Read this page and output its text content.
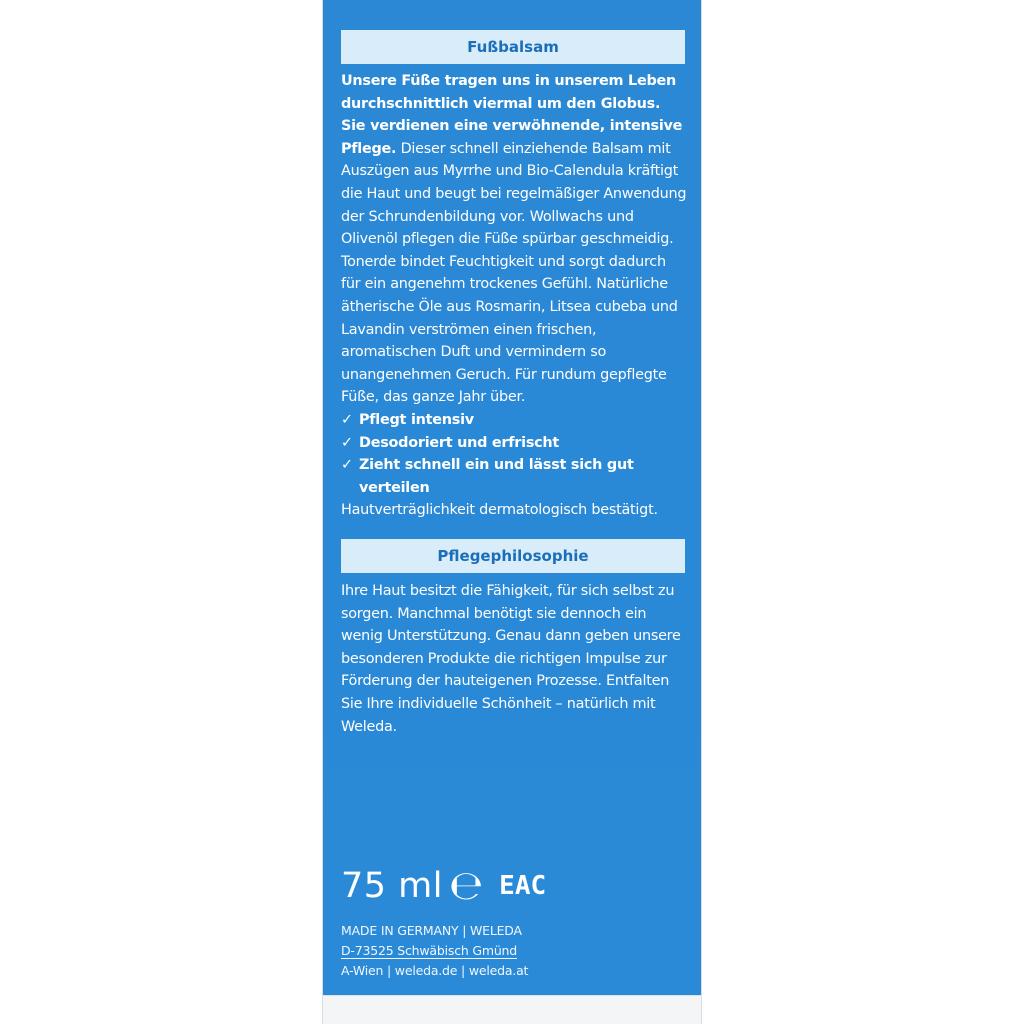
Fußbalsam
Unsere Füße tragen uns in unserem Leben durchschnittlich viermal um den Globus. Sie verdienen eine verwöhnende, intensive Pflege. Dieser schnell einziehende Balsam mit Auszügen aus Myrrhe und Bio-Calendula kräftigt die Haut und beugt bei regelmäßiger Anwendung der Schrundenbildung vor. Wollwachs und Olivenöl pflegen die Füße spürbar geschmeidig. Tonerde bindet Feuchtigkeit und sorgt dadurch für ein angenehm trockenes Gefühl. Natürliche ätherische Öle aus Rosmarin, Litsea cubeba und Lavandin verströmen einen frischen, aromatischen Duft und vermindern so unangenehmen Geruch. Für rundum gepflegte Füße, das ganze Jahr über.
✓ Pflegt intensiv
✓ Desodoriert und erfrischt
✓ Zieht schnell ein und lässt sich gut verteilen
Hautverträglichkeit dermatologisch bestätigt.
Pflegephilosophie
Ihre Haut besitzt die Fähigkeit, für sich selbst zu sorgen. Manchmal benötigt sie dennoch ein wenig Unterstützung. Genau dann geben unsere besonderen Produkte die richtigen Impulse zur Förderung der hauteigenen Prozesse. Entfalten Sie Ihre individuelle Schönheit – natürlich mit Weleda.
75 ml ℮ EAC
MADE IN GERMANY | WELEDA
D-73525 Schwäbisch Gmünd
A-Wien | weleda.de | weleda.at
